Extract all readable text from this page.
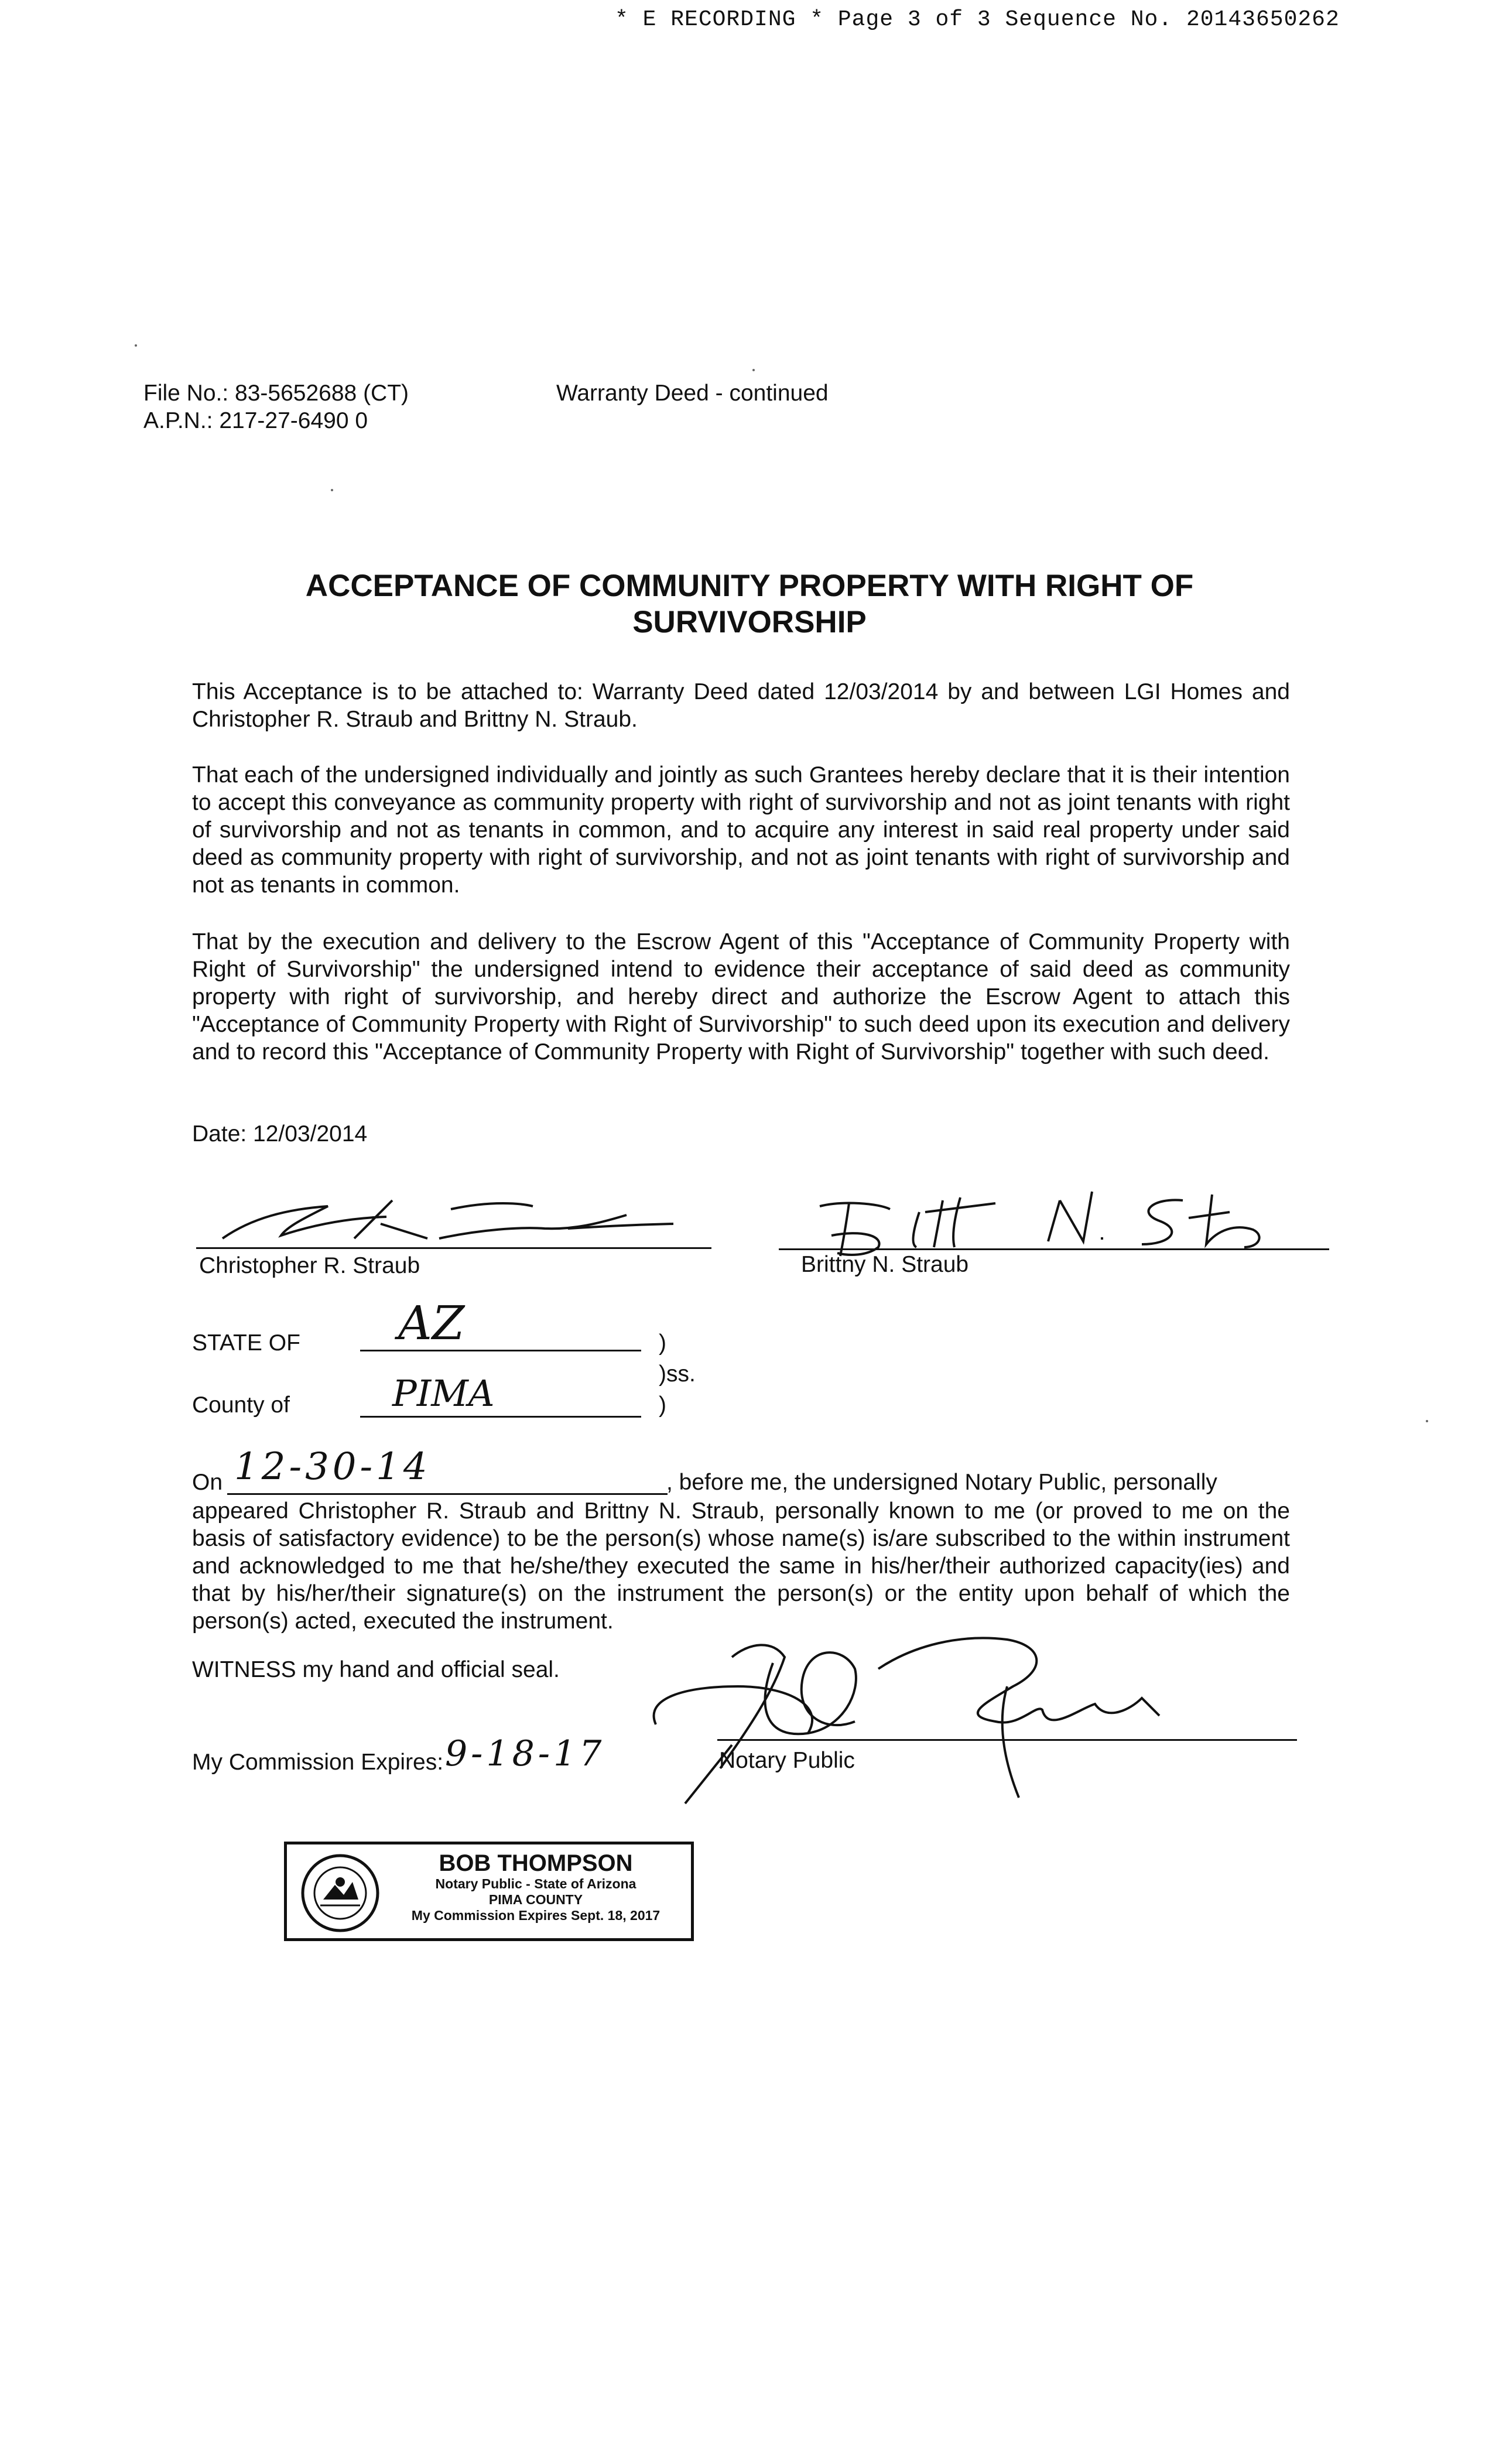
* E RECORDING * Page 3 of 3 Sequence No. 20143650262
File No.: 83-5652688 (CT)
A.P.N.: 217-27-6490 0
Warranty Deed - continued
ACCEPTANCE OF COMMUNITY PROPERTY WITH RIGHT OF
SURVIVORSHIP
This Acceptance is to be attached to: Warranty Deed dated 12/03/2014 by and between LGI Homes and Christopher R. Straub and Brittny N. Straub.
That each of the undersigned individually and jointly as such Grantees hereby declare that it is their intention to accept this conveyance as community property with right of survivorship and not as joint tenants with right of survivorship and not as tenants in common, and to acquire any interest in said real property under said deed as community property with right of survivorship, and not as joint tenants with right of survivorship and not as tenants in common.
That by the execution and delivery to the Escrow Agent of this "Acceptance of Community Property with Right of Survivorship" the undersigned intend to evidence their acceptance of said deed as community property with right of survivorship, and hereby direct and authorize the Escrow Agent to attach this "Acceptance of Community Property with Right of Survivorship" to such deed upon its execution and delivery and to record this "Acceptance of Community Property with Right of Survivorship" together with such deed.
Date: 12/03/2014
Christopher R. Straub	Brittny N. Straub
STATE OF AZ	)
)ss.
County of	PIMA	)
On 12-30-14	, before me, the undersigned Notary Public, personally
appeared Christopher R. Straub and Brittny N. Straub, personally known to me (or proved to me on the basis of satisfactory evidence) to be the person(s) whose name(s) is/are subscribed to the within instrument and acknowledged to me that he/she/they executed the same in his/her/their authorized capacity(ies) and that by his/her/their signature(s) on the instrument the person(s) or the entity upon behalf of which the person(s) acted, executed the instrument.
WITNESS my hand and official seal.
Notary Public
My Commission Expires: 9-18-17
BOB THOMPSON
Notary Public - State of Arizona
PIMA COUNTY
My Commission Expires Sept. 18, 2017
